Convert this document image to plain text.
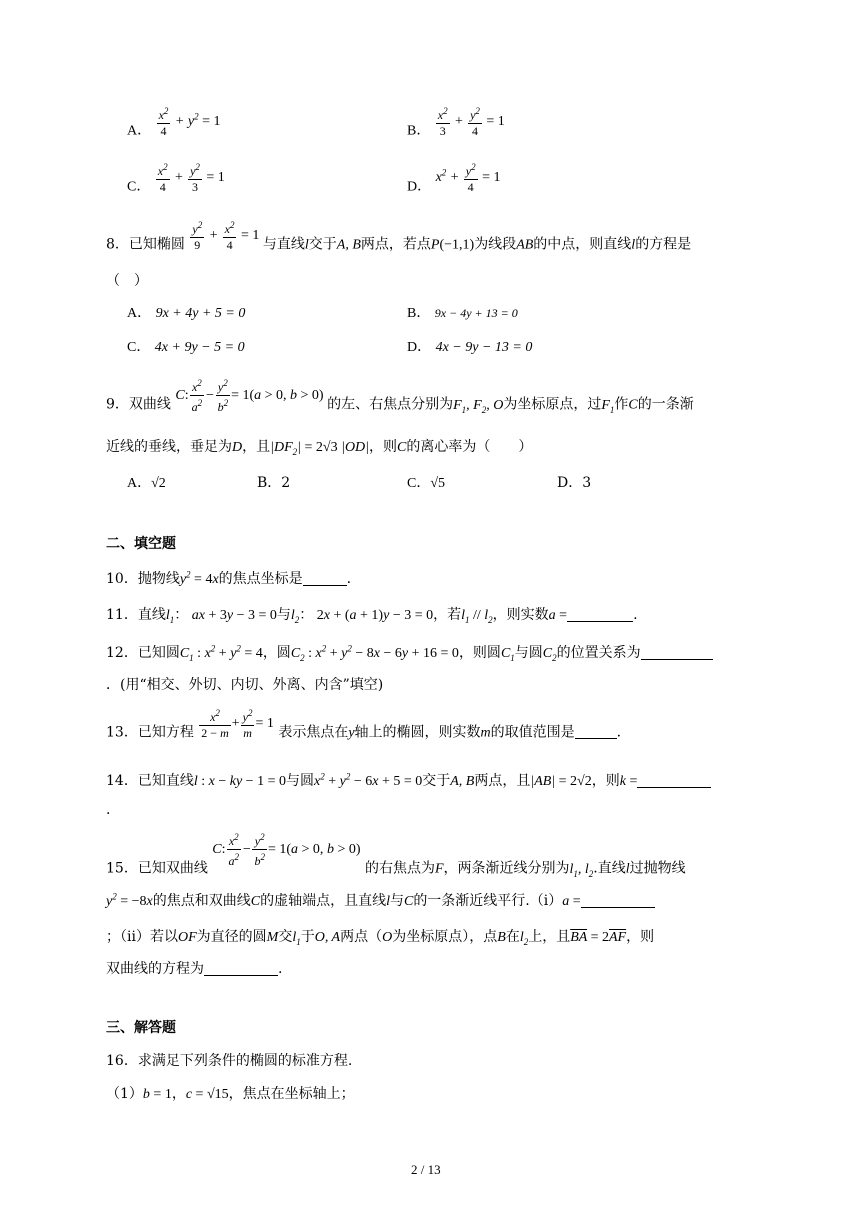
A． $\frac{x^2}{4} + y^2 = 1$
B． $\frac{x^2}{3} + \frac{y^2}{4} = 1$
C． $\frac{x^2}{4} + \frac{y^2}{3} = 1$
D． $x^2 + \frac{y^2}{4} = 1$
8．已知椭圆 $\frac{y^2}{9} + \frac{x^2}{4} = 1$ 与直线l交于A, B两点，若点P(−1,1)为线段AB的中点，则直线l的方程是
（　）
A． 9x + 4y + 5 = 0	B． 9x − 4y + 13 = 0
C． 4x + 9y − 5 = 0	D． 4x − 9y − 13 = 0
9．双曲线 C: $\frac{x^2}{a^2} - \frac{y^2}{b^2} = 1(a > 0$, b > 0) 的左、右焦点分别为$F_1$, $F_2$, O为坐标原点，过$F_1$作C的一条渐
近线的垂线，垂足为D，且$|DF_2| = 2√3$ |OD|，则C的离心率为（　　）
A．√2	B．2	C．√5	D．3
二、填空题
10．抛物线$y^2 = 4x$的焦点坐标是	.
11．直线$l_1$： ax + 3y − 3 = 0与$l_2$： 2x + (a + 1)y − 3 = 0，若$l_1 // l_2$，则实数a =	.
12．已知圆$C_1$ : $x^2 + y^2 = 4$，圆$C_2$ : $x^2 + y^2 - 8x - 6y + 16 = 0$，则圆$C_1$与圆$C_2$的位置关系为
．(用“相交、外切、内切、外离、内含”填空)
13．已知方程 $\frac{x^2}{2 - m} + \frac{y^2}{m} = 1$ 表示焦点在y轴上的椭圆，则实数m的取值范围是	.
14．已知直线l : x − ky − 1 = 0与圆$x^2 + y^2 - 6x + 5 = 0$交于A, B两点，且|AB| = 2√2，则k =
.
15．已知双曲线 C: $\frac{x^2}{a^2} - \frac{y^2}{b^2} = 1(a > 0$, b > 0) 的右焦点为F，两条渐近线分别为$l_1$, $l_2$.直线l过抛物线
$y^2 = -8x$的焦点和双曲线C的虚轴端点，且直线l与C的一条渐近线平行.（i）a =
；（ii）若以OF为直径的圆M交$l_1$于O, A两点（O为坐标原点），点B在$l_2$上，且$\overline{BA} = 2\overline{AF}$，则
双曲线的方程为	.
三、解答题
16．求满足下列条件的椭圆的标准方程.
（1）b = 1，c = √15，焦点在坐标轴上；
2 / 13
